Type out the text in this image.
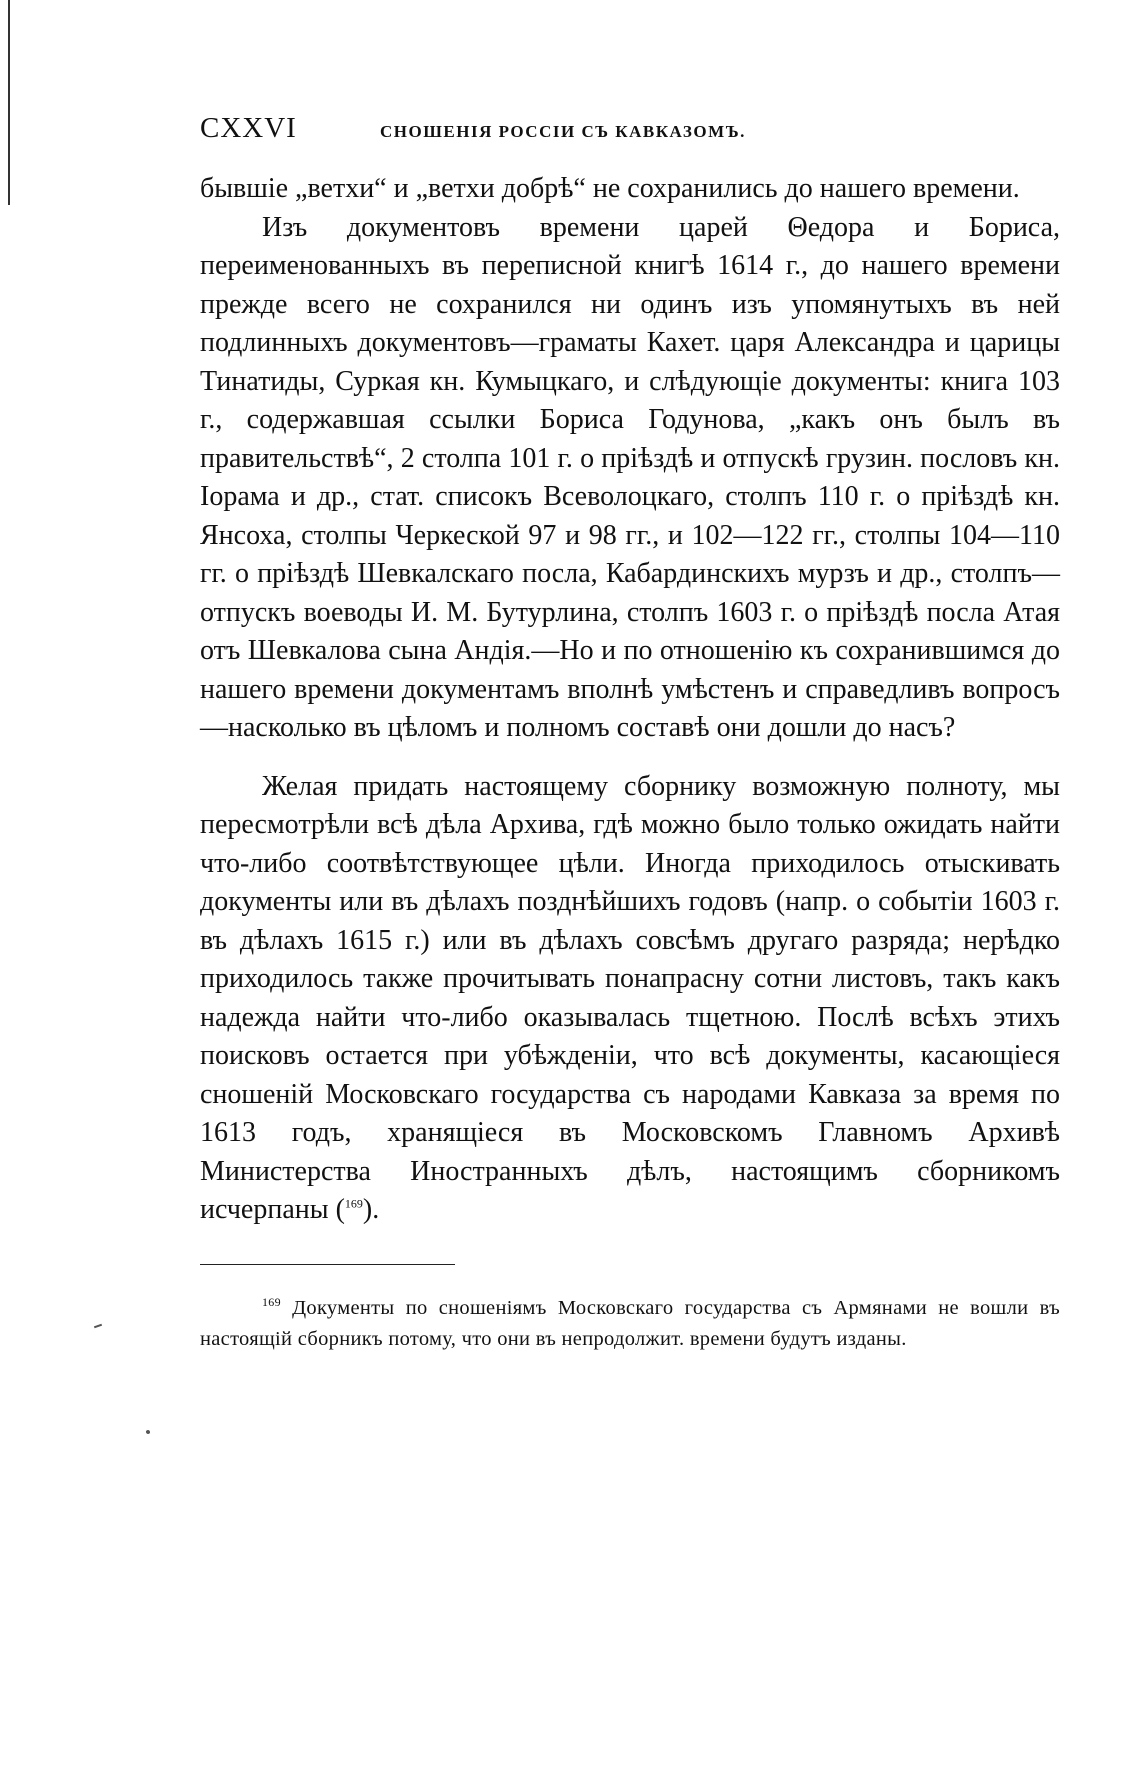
CXXVI	СНОШЕНІЯ РОССІИ СЪ КАВКАЗОМЪ.

бывшіе „ветхи“ и „ветхи добрѣ“ не сохранились до нашего времени.

Изъ документовъ времени царей Θедора и Бориса, переименованныхъ въ переписной книгѣ 1614 г., до нашего времени прежде всего не сохранился ни одинъ изъ упомянутыхъ въ ней подлинныхъ документовъ—граматы Кахет. царя Александра и царицы Тинатиды, Суркая кн. Кумыцкаго, и слѣдующіе документы: книга 103 г., содержавшая ссылки Бориса Годунова, „какъ онъ былъ въ правительствѣ“, 2 столпа 101 г. о пріѣздѣ и отпускѣ грузин. пословъ кн. Іорама и др., стат. списокъ Всеволоцкаго, столпъ 110 г. о пріѣздѣ кн. Янсоха, столпы Черкеской 97 и 98 гг., и 102—122 гг., столпы 104—110 гг. о пріѣздѣ Шевкалскаго посла, Кабардинскихъ мурзъ и др., столпъ—отпускъ воеводы И. М. Бутурлина, столпъ 1603 г. о пріѣздѣ посла Атая отъ Шевкалова сына Андія.—Но и по отношенію къ сохранившимся до нашего времени документамъ вполнѣ умѣстенъ и справедливъ вопросъ—насколько въ цѣломъ и полномъ составѣ они дошли до насъ?

Желая придать настоящему сборнику возможную полноту, мы пересмотрѣли всѣ дѣла Архива, гдѣ можно было только ожидать найти что-либо соотвѣтствующее цѣли. Иногда приходилось отыскивать документы или въ дѣлахъ позднѣйшихъ годовъ (напр. о событіи 1603 г. въ дѣлахъ 1615 г.) или въ дѣлахъ совсѣмъ другаго разряда; нерѣдко приходилось также прочитывать понапрасну сотни листовъ, такъ какъ надежда найти что-либо оказывалась тщетною. Послѣ всѣхъ этихъ поисковъ остается при убѣжденіи, что всѣ документы, касающіеся сношеній Московскаго государства съ народами Кавказа за время по 1613 годъ, хранящіеся въ Московскомъ Главномъ Архивѣ Министерства Иностранныхъ дѣлъ, настоящимъ сборникомъ исчерпаны ($^{169}$).

$^{169}$ Документы по сношеніямъ Московскаго государства съ Армянами не вошли въ настоящій сборникъ потому, что они въ непродолжит. времени будутъ изданы.
